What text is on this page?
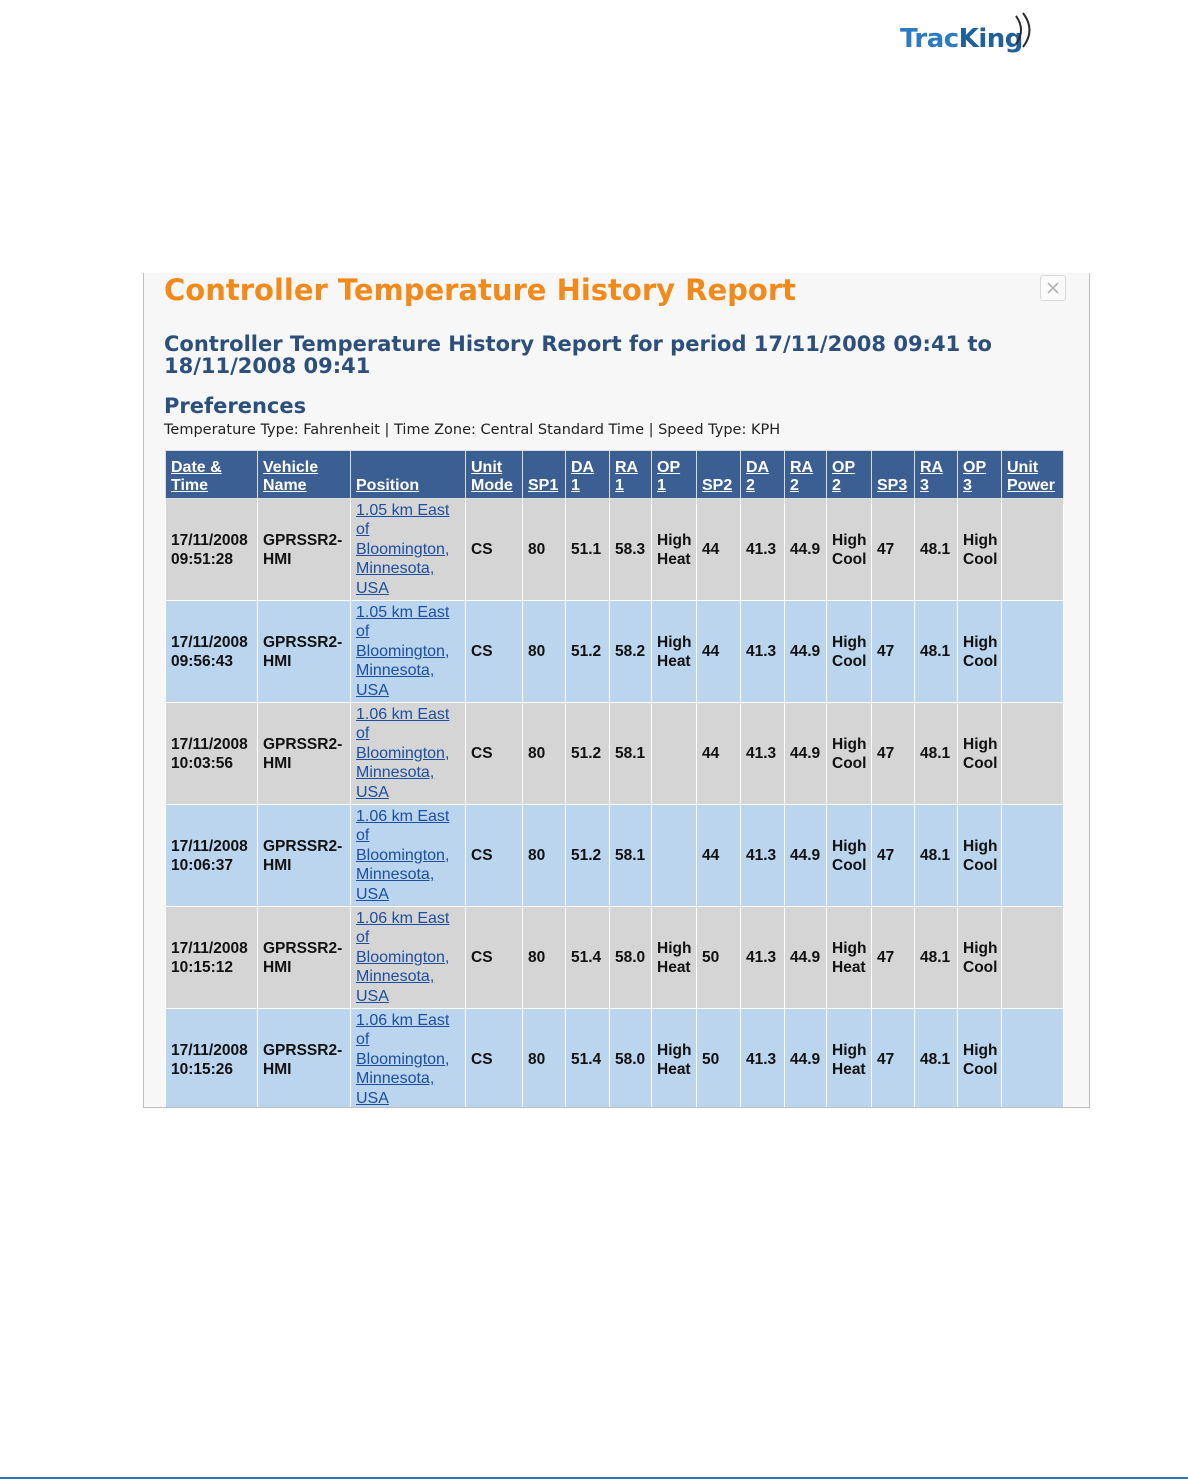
TracKing
Controller Temperature History Report
Controller Temperature History Report for period 17/11/2008 09:41 to 18/11/2008 09:41
Preferences
Temperature Type: Fahrenheit | Time Zone: Central Standard Time | Speed Type: KPH
Date & Time	Vehicle Name	Position	Unit Mode	SP1	DA 1	RA 1	OP 1	SP2	DA 2	RA 2	OP 2	SP3	RA 3	OP 3	Unit Power
17/11/2008 09:51:28	GPRSSR2-HMI	1.05 km East of Bloomington, Minnesota, USA	CS	80	51.1	58.3	High Heat	44	41.3	44.9	High Cool	47	48.1	High Cool	
17/11/2008 09:56:43	GPRSSR2-HMI	1.05 km East of Bloomington, Minnesota, USA	CS	80	51.2	58.2	High Heat	44	41.3	44.9	High Cool	47	48.1	High Cool	
17/11/2008 10:03:56	GPRSSR2-HMI	1.06 km East of Bloomington, Minnesota, USA	CS	80	51.2	58.1		44	41.3	44.9	High Cool	47	48.1	High Cool	
17/11/2008 10:06:37	GPRSSR2-HMI	1.06 km East of Bloomington, Minnesota, USA	CS	80	51.2	58.1		44	41.3	44.9	High Cool	47	48.1	High Cool	
17/11/2008 10:15:12	GPRSSR2-HMI	1.06 km East of Bloomington, Minnesota, USA	CS	80	51.4	58.0	High Heat	50	41.3	44.9	High Heat	47	48.1	High Cool	
17/11/2008 10:15:26	GPRSSR2-HMI	1.06 km East of Bloomington, Minnesota, USA	CS	80	51.4	58.0	High Heat	50	41.3	44.9	High Heat	47	48.1	High Cool	
